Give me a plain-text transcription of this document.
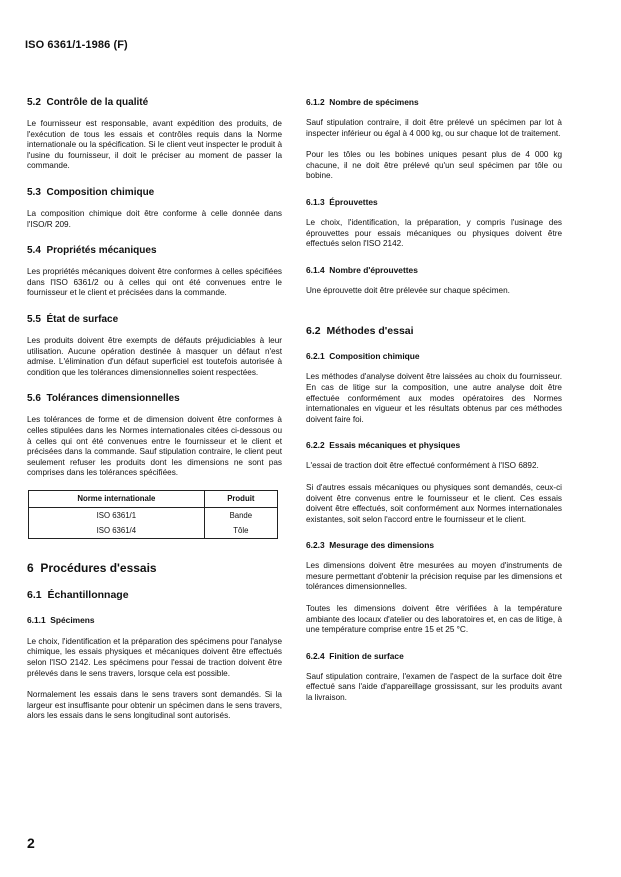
ISO 6361/1-1986 (F)
5.2 Contrôle de la qualité

Le fournisseur est responsable, avant expédition des produits, de l'exécution de tous les essais et contrôles requis dans la Norme internationale ou la spécification. Si le client veut inspecter le produit à l'usine du fournisseur, il doit le préciser au moment de passer la commande.

5.3 Composition chimique

La composition chimique doit être conforme à celle donnée dans l'ISO/R 209.

5.4 Propriétés mécaniques

Les propriétés mécaniques doivent être conformes à celles spécifiées dans l'ISO 6361/2 ou à celles qui ont été convenues entre le fournisseur et le client et précisées dans la commande.

5.5 État de surface

Les produits doivent être exempts de défauts préjudiciables à leur utilisation. Aucune opération destinée à masquer un défaut n'est admise. L'élimination d'un défaut superficiel est toutefois autorisée à condition que les tolérances dimensionnelles soient respectées.

5.6 Tolérances dimensionnelles

Les tolérances de forme et de dimension doivent être conformes à celles stipulées dans les Normes internationales citées ci-dessous ou à celles qui ont été convenues entre le fournisseur et le client et précisées dans la commande. Sauf stipulation contraire, le client peut seulement refuser les produits dont les dimensions ne sont pas comprises dans les tolérances spécifiées.

Norme internationale	Produit
ISO 6361/1	Bande
ISO 6361/4	Tôle
6 Procédures d'essais
6.1 Échantillonnage
6.1.1 Spécimens

Le choix, l'identification et la préparation des spécimens pour l'analyse chimique, les essais physiques et mécaniques doivent être effectués selon l'ISO 2142. Les spécimens pour l'essai de traction doivent être prélevés dans le sens travers, lorsque cela est possible.

Normalement les essais dans le sens travers sont demandés. Si la largeur est insuffisante pour obtenir un spécimen dans le sens travers, alors les essais dans le sens longitudinal sont autorisés.

6.1.2 Nombre de spécimens

Sauf stipulation contraire, il doit être prélevé un spécimen par lot à inspecter inférieur ou égal à 4 000 kg, ou sur chaque lot de traitement.

Pour les tôles ou les bobines uniques pesant plus de 4 000 kg chacune, il ne doit être prélevé qu'un seul spécimen par tôle ou bobine.

6.1.3 Éprouvettes

Le choix, l'identification, la préparation, y compris l'usinage des éprouvettes pour essais mécaniques ou physiques doivent être effectués selon l'ISO 2142.

6.1.4 Nombre d'éprouvettes

Une éprouvette doit être prélevée sur chaque spécimen.

6.2 Méthodes d'essai
6.2.1 Composition chimique

Les méthodes d'analyse doivent être laissées au choix du fournisseur. En cas de litige sur la composition, une autre analyse doit être effectuée conformément aux modes opératoires des Normes internationales en vigueur et les résultats obtenus par ces méthodes doivent faire foi.

6.2.2 Essais mécaniques et physiques

L'essai de traction doit être effectué conformément à l'ISO 6892.

Si d'autres essais mécaniques ou physiques sont demandés, ceux-ci doivent être convenus entre le fournisseur et le client. Ces essais doivent être effectués, soit conformément aux Normes internationales existantes, soit selon l'accord entre le fournisseur et le client.

6.2.3 Mesurage des dimensions

Les dimensions doivent être mesurées au moyen d'instruments de mesure permettant d'obtenir la précision requise par les dimensions et tolérances dimensionnelles.

Toutes les dimensions doivent être vérifiées à la température ambiante des locaux d'atelier ou des laboratoires et, en cas de litige, à une température comprise entre 15 et 25 °C.

6.2.4 Finition de surface

Sauf stipulation contraire, l'examen de l'aspect de la surface doit être effectué sans l'aide d'appareillage grossissant, sur les produits avant la livraison.

2
